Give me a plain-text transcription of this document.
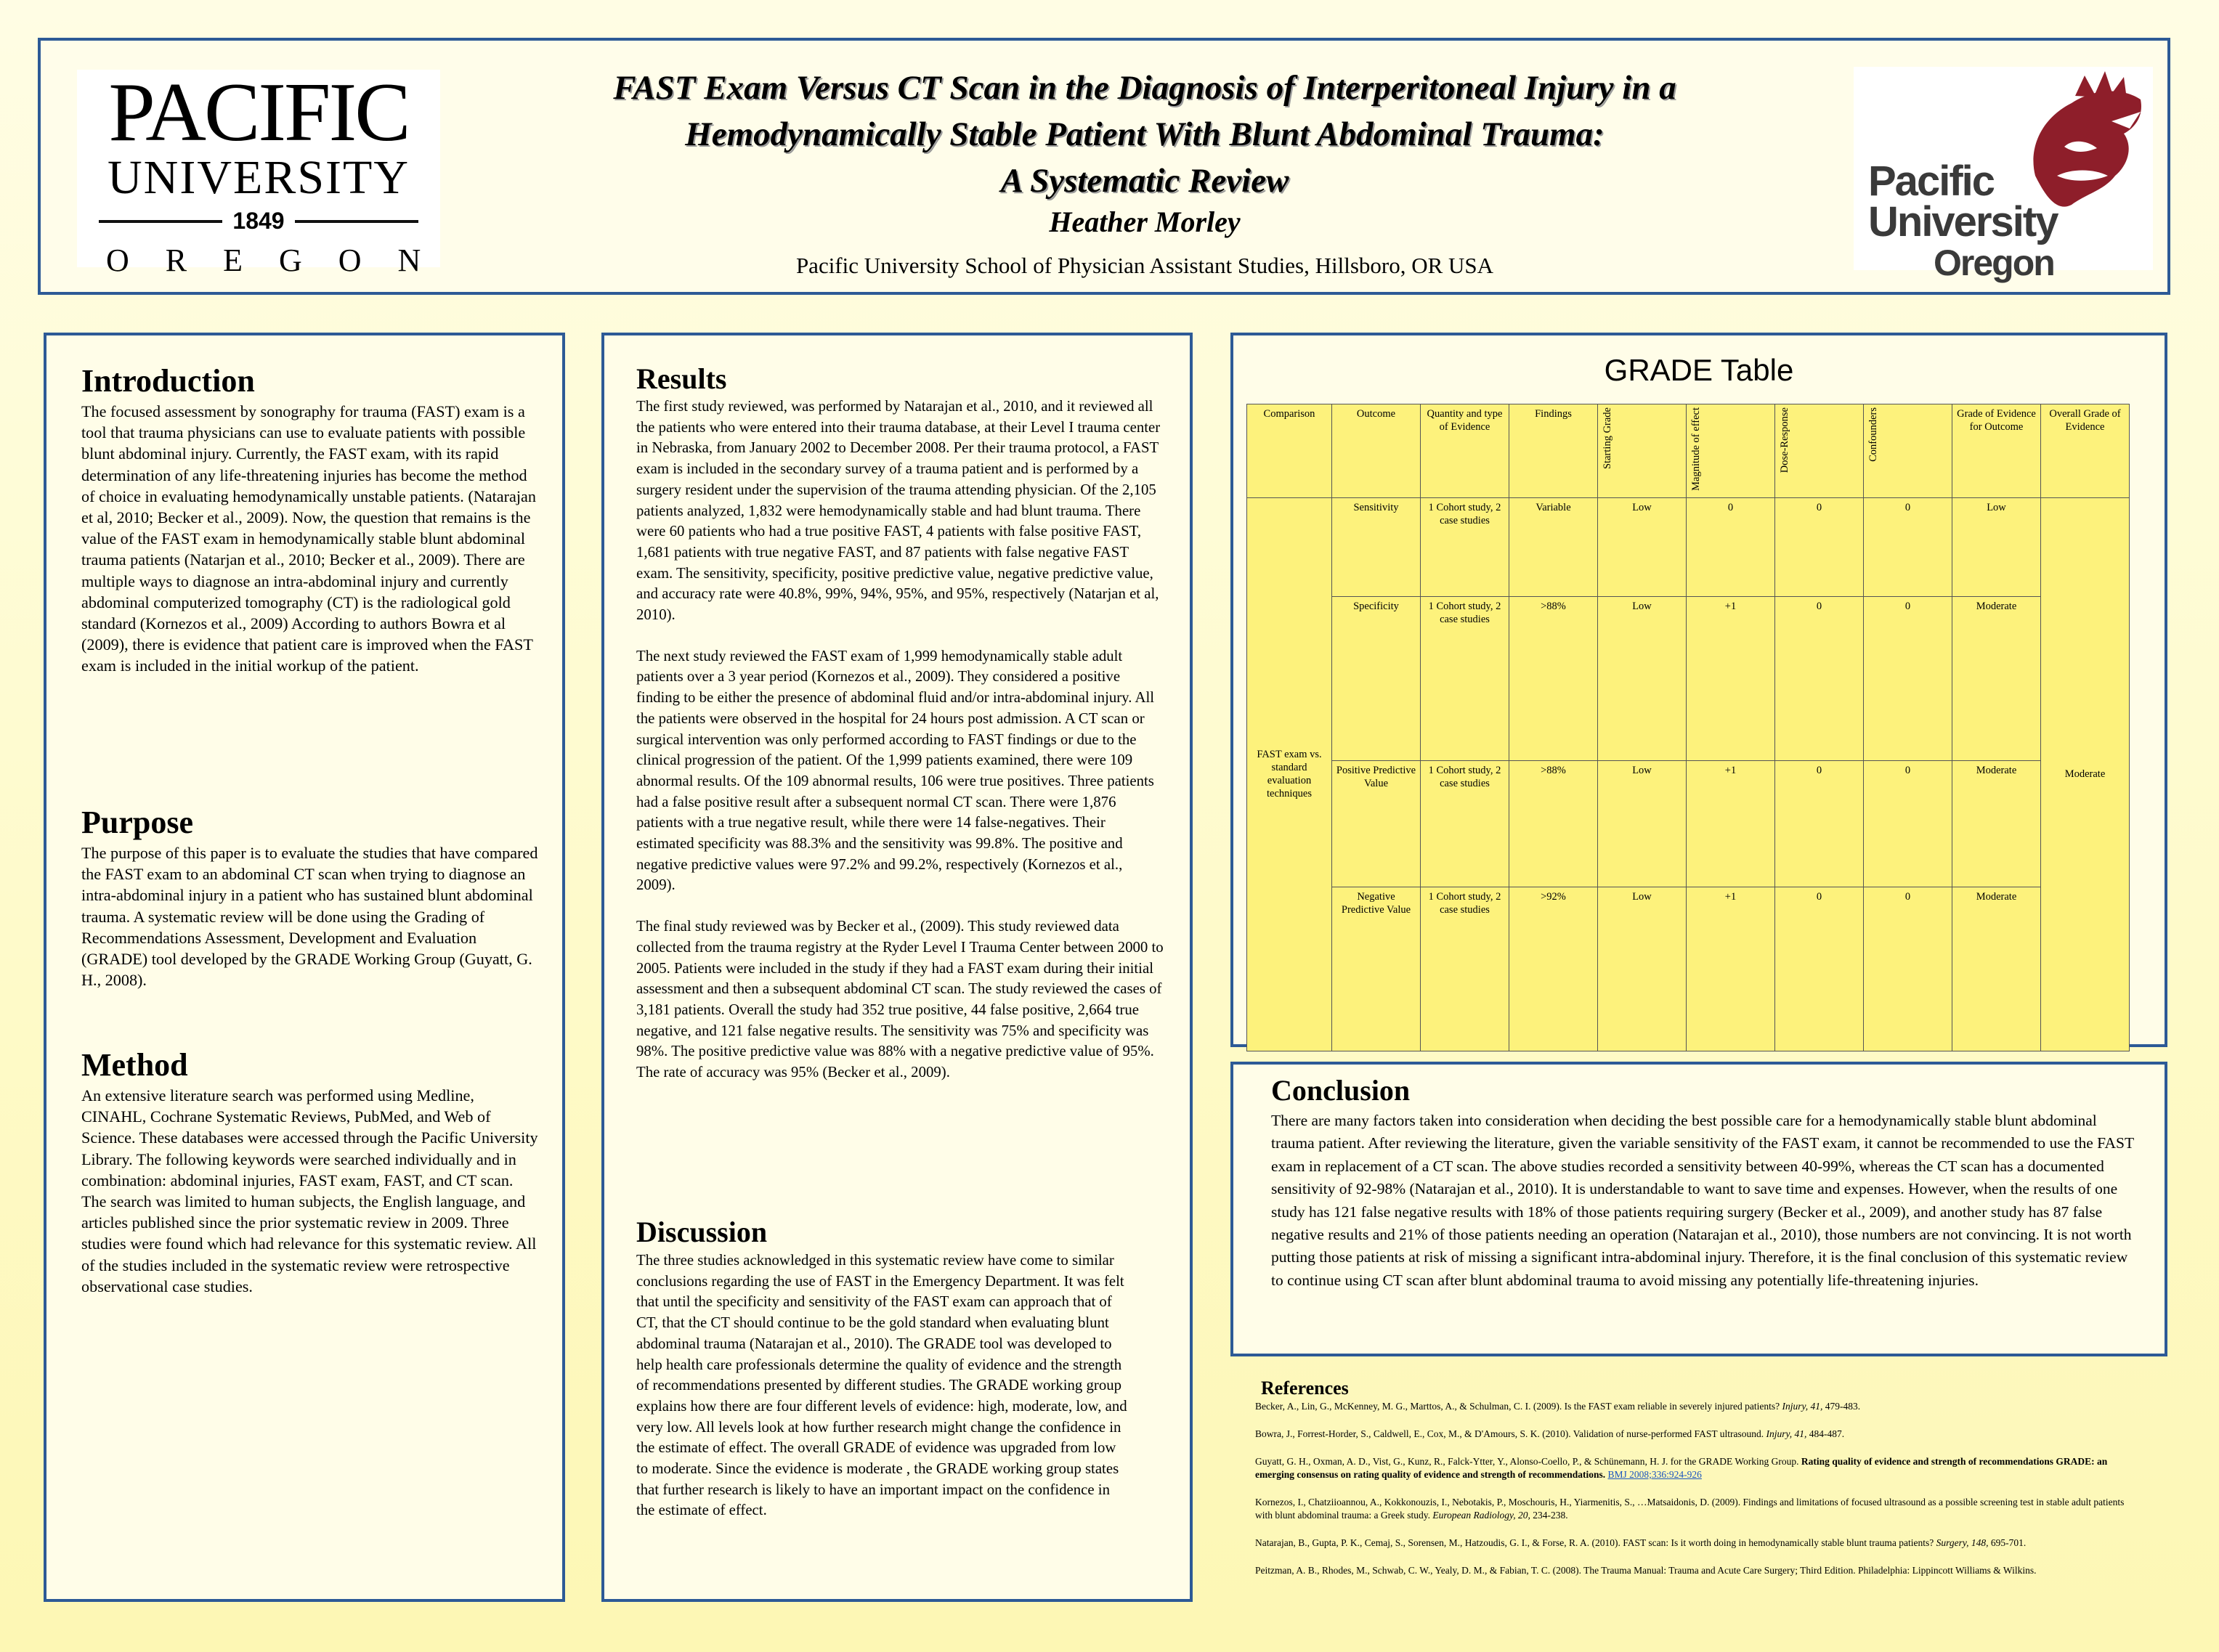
PACIFIC
UNIVERSITY
1849
OREGON
FAST Exam Versus CT Scan in the Diagnosis of Interperitoneal Injury in a
Hemodynamically Stable Patient With Blunt Abdominal Trauma:
A Systematic Review
Heather Morley
Pacific University School of Physician Assistant Studies, Hillsboro, OR USA
Pacific
University
Oregon
Introduction

The focused assessment by sonography for trauma (FAST) exam is a tool that trauma physicians can use to evaluate patients with possible blunt abdominal injury. Currently, the FAST exam, with its rapid determination of any life-threatening injuries has become the method of choice in evaluating hemodynamically unstable patients. (Natarajan et al, 2010; Becker et al., 2009). Now, the question that remains is the value of the FAST exam in hemodynamically stable blunt abdominal trauma patients (Natarjan et al., 2010; Becker et al., 2009). There are multiple ways to diagnose an intra-abdominal injury and currently abdominal computerized tomography (CT) is the radiological gold standard (Kornezos et al., 2009) According to authors Bowra et al (2009), there is evidence that patient care is improved when the FAST exam is included in the initial workup of the patient.

Purpose

The purpose of this paper is to evaluate the studies that have compared the FAST exam to an abdominal CT scan when trying to diagnose an intra-abdominal injury in a patient who has sustained blunt abdominal trauma. A systematic review will be done using the Grading of Recommendations Assessment, Development and Evaluation (GRADE) tool developed by the GRADE Working Group (Guyatt, G. H., 2008).

Method

An extensive literature search was performed using Medline, CINAHL, Cochrane Systematic Reviews, PubMed, and Web of Science. These databases were accessed through the Pacific University Library. The following keywords were searched individually and in combination: abdominal injuries, FAST exam, FAST, and CT scan. The search was limited to human subjects, the English language, and articles published since the prior systematic review in 2009. Three studies were found which had relevance for this systematic review. All of the studies included in the systematic review were retrospective observational case studies.

Results

The first study reviewed, was performed by Natarajan et al., 2010, and it reviewed all the patients who were entered into their trauma database, at their Level I trauma center in Nebraska, from January 2002 to December 2008. Per their trauma protocol, a FAST exam is included in the secondary survey of a trauma patient and is performed by a surgery resident under the supervision of the trauma attending physician. Of the 2,105 patients analyzed, 1,832 were hemodynamically stable and had blunt trauma. There were 60 patients who had a true positive FAST, 4 patients with false positive FAST, 1,681 patients with true negative FAST, and 87 patients with false negative FAST exam. The sensitivity, specificity, positive predictive value, negative predictive value, and accuracy rate were 40.8%, 99%, 94%, 95%, and 95%, respectively (Natarjan et al, 2010).

The next study reviewed the FAST exam of 1,999 hemodynamically stable adult patients over a 3 year period (Kornezos et al., 2009). They considered a positive finding to be either the presence of abdominal fluid and/or intra-abdominal injury. All the patients were observed in the hospital for 24 hours post admission. A CT scan or surgical intervention was only performed according to FAST findings or due to the clinical progression of the patient. Of the 1,999 patients examined, there were 109 abnormal results. Of the 109 abnormal results, 106 were true positives. Three patients had a false positive result after a subsequent normal CT scan. There were 1,876 patients with a true negative result, while there were 14 false-negatives. Their estimated specificity was 88.3% and the sensitivity was 99.8%. The positive and negative predictive values were 97.2% and 99.2%, respectively (Kornezos et al., 2009).

The final study reviewed was by Becker et al., (2009). This study reviewed data collected from the trauma registry at the Ryder Level I Trauma Center between 2000 to 2005. Patients were included in the study if they had a FAST exam during their initial assessment and then a subsequent abdominal CT scan. The study reviewed the cases of 3,181 patients. Overall the study had 352 true positive, 44 false positive, 2,664 true negative, and 121 false negative results. The sensitivity was 75% and specificity was 98%. The positive predictive value was 88% with a negative predictive value of 95%. The rate of accuracy was 95% (Becker et al., 2009).

Discussion

The three studies acknowledged in this systematic review have come to similar conclusions regarding the use of FAST in the Emergency Department. It was felt that until the specificity and sensitivity of the FAST exam can approach that of CT, that the CT should continue to be the gold standard when evaluating blunt abdominal trauma (Natarajan et al., 2010). The GRADE tool was developed to help health care professionals determine the quality of evidence and the strength of recommendations presented by different studies. The GRADE working group explains how there are four different levels of evidence: high, moderate, low, and very low. All levels look at how further research might change the confidence in the estimate of effect. The overall GRADE of evidence was upgraded from low to moderate. Since the evidence is moderate , the GRADE working group states that further research is likely to have an important impact on the confidence in the estimate of effect.

GRADE Table
Comparison	Outcome	Quantity and type of Evidence	Findings	Starting Grade	Magnitude of effect	Dose-Response	Confounders	Grade of Evidence for Outcome	Overall Grade of Evidence
FAST exam vs. standard evaluation techniques	Sensitivity	1 Cohort study, 2 case studies	Variable	Low	0	0	0	Low	Moderate
	Specificity	1 Cohort study, 2 case studies	>88%	Low	+1	0	0	Moderate	
	Positive Predictive Value	1 Cohort study, 2 case studies	>88%	Low	+1	0	0	Moderate	
	Negative Predictive Value	1 Cohort study, 2 case studies	>92%	Low	+1	0	0	Moderate	
Conclusion

There are many factors taken into consideration when deciding the best possible care for a hemodynamically stable blunt abdominal trauma patient. After reviewing the literature, given the variable sensitivity of the FAST exam, it cannot be recommended to use the FAST exam in replacement of a CT scan. The above studies recorded a sensitivity between 40-99%, whereas the CT scan has a documented sensitivity of 92-98% (Natarajan et al., 2010). It is understandable to want to save time and expenses. However, when the results of one study has 121 false negative results with 18% of those patients requiring surgery (Becker et al., 2009), and another study has 87 false negative results and 21% of those patients needing an operation (Natarajan et al., 2010), those numbers are not convincing. It is not worth putting those patients at risk of missing a significant intra-abdominal injury. Therefore, it is the final conclusion of this systematic review to continue using CT scan after blunt abdominal trauma to avoid missing any potentially life-threatening injuries.

References

Becker, A., Lin, G., McKenney, M. G., Marttos, A., & Schulman, C. I. (2009). Is the FAST exam reliable in severely injured patients? Injury, 41, 479-483.

Bowra, J., Forrest-Horder, S., Caldwell, E., Cox, M., & D'Amours, S. K. (2010). Validation of nurse-performed FAST ultrasound. Injury, 41, 484-487.

Guyatt, G. H., Oxman, A. D., Vist, G., Kunz, R., Falck-Ytter, Y., Alonso-Coello, P., & Schünemann, H. J. for the GRADE Working Group. Rating quality of evidence and strength of recommendations GRADE: an emerging consensus on rating quality of evidence and strength of recommendations. BMJ 2008;336:924-926

Kornezos, I., Chatziioannou, A., Kokkonouzis, I., Nebotakis, P., Moschouris, H., Yiarmenitis, S., …Matsaidonis, D. (2009). Findings and limitations of focused ultrasound as a possible screening test in stable adult patients with blunt abdominal trauma: a Greek study. European Radiology, 20, 234-238.

Natarajan, B., Gupta, P. K., Cemaj, S., Sorensen, M., Hatzoudis, G. I., & Forse, R. A. (2010). FAST scan: Is it worth doing in hemodynamically stable blunt trauma patients? Surgery, 148, 695-701.

Peitzman, A. B., Rhodes, M., Schwab, C. W., Yealy, D. M., & Fabian, T. C. (2008). The Trauma Manual: Trauma and Acute Care Surgery; Third Edition. Philadelphia: Lippincott Williams & Wilkins.
